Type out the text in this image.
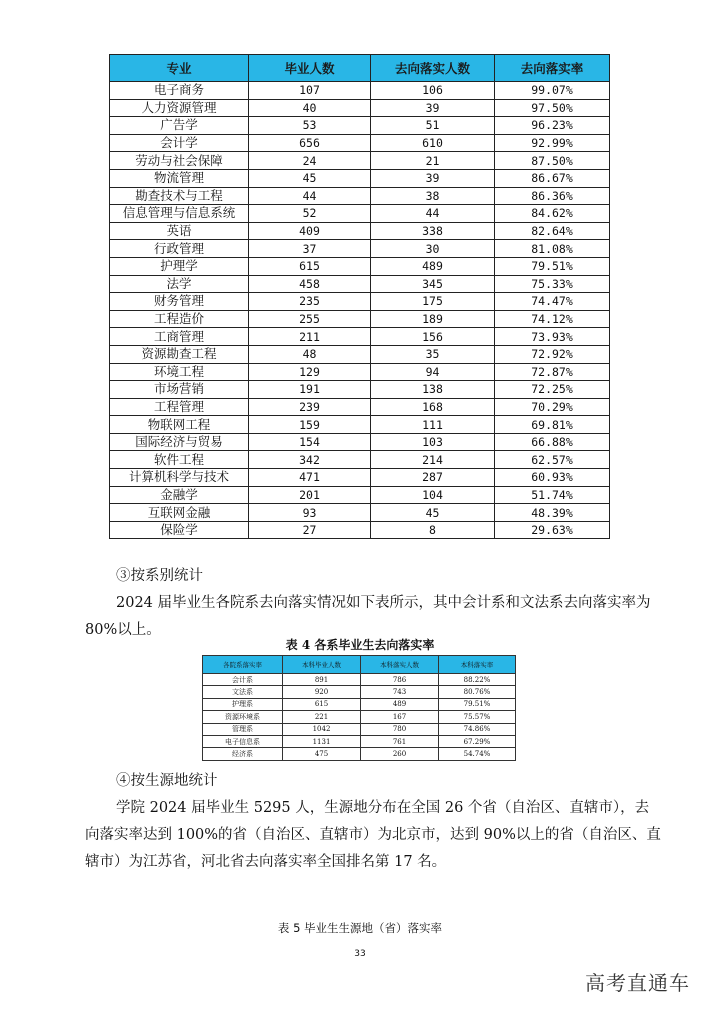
专业	毕业人数	去向落实人数	去向落实率
电子商务	107	106	99.07%
人力资源管理	40	39	97.50%
广告学	53	51	96.23%
会计学	656	610	92.99%
劳动与社会保障	24	21	87.50%
物流管理	45	39	86.67%
勘查技术与工程	44	38	86.36%
信息管理与信息系统	52	44	84.62%
英语	409	338	82.64%
行政管理	37	30	81.08%
护理学	615	489	79.51%
法学	458	345	75.33%
财务管理	235	175	74.47%
工程造价	255	189	74.12%
工商管理	211	156	73.93%
资源勘查工程	48	35	72.92%
环境工程	129	94	72.87%
市场营销	191	138	72.25%
工程管理	239	168	70.29%
物联网工程	159	111	69.81%
国际经济与贸易	154	103	66.88%
软件工程	342	214	62.57%
计算机科学与技术	471	287	60.93%
金融学	201	104	51.74%
互联网金融	93	45	48.39%
保险学	27	8	29.63%

③按系别统计

2024 届毕业生各院系去向落实情况如下表所示，其中会计系和文法系去向落实率为

80%以上。

表 4 各系毕业生去向落实率
各院系落实率	本科毕业人数	本科落实人数	本科落实率
会计系	891	786	88.22%
文法系	920	743	80.76%
护理系	615	489	79.51%
资源环境系	221	167	75.57%
管理系	1042	780	74.86%
电子信息系	1131	761	67.29%
经济系	475	260	54.74%

④按生源地统计

学院 2024 届毕业生 5295 人，生源地分布在全国 26 个省（自治区、直辖市），去

向落实率达到 100%的省（自治区、直辖市）为北京市，达到 90%以上的省（自治区、直

辖市）为江苏省，河北省去向落实率全国排名第 17 名。

表 5 毕业生生源地（省）落实率
33
高考直通车
